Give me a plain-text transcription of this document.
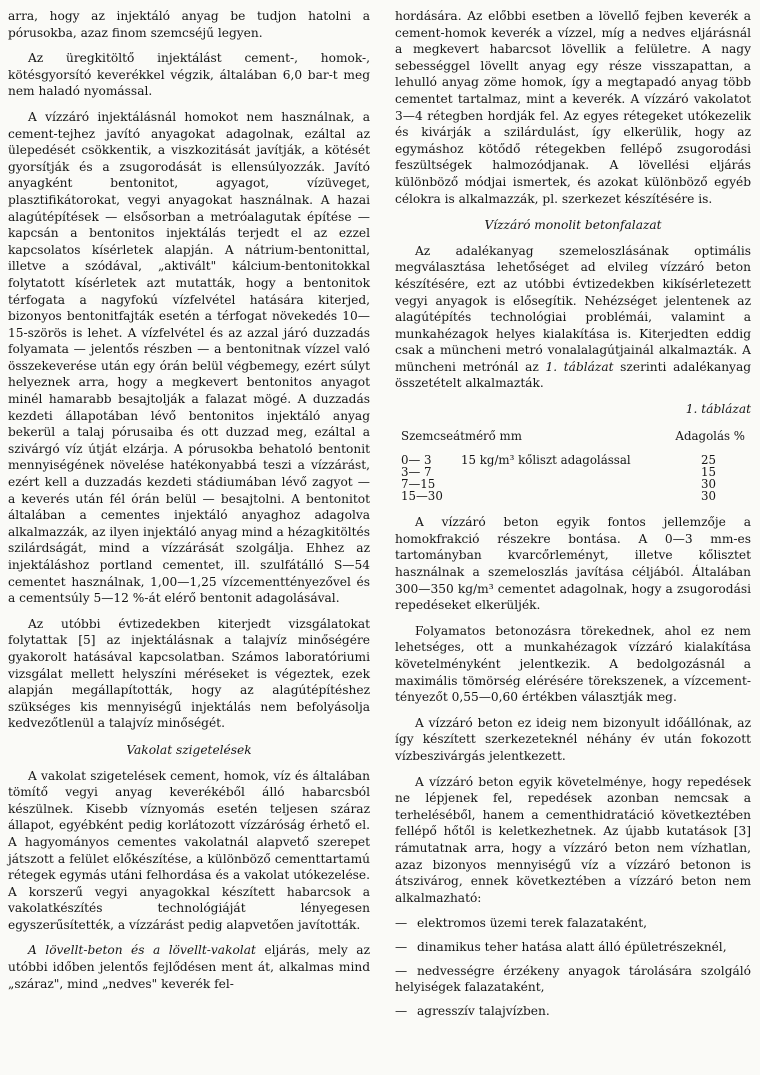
arra, hogy az injektáló anyag be tudjon hatolni a pórusokba, azaz finom szemcséjű legyen.

Az üregkitöltő injektálást cement-, homok-, kötésgyorsító keverékkel végzik, általában 6,0 bar-t meg nem haladó nyomással.

A vízzáró injektálásnál homokot nem használnak, a cement-tejhez javító anyagokat adagolnak, ezáltal az ülepedését csökkentik, a viszkozitását javítják, a kötését gyorsítják és a zsugorodását is ellensúlyozzák. Javító anyagként bentonitot, agyagot, vízüveget, plasztifikátorokat, vegyi anyagokat használnak. A hazai alagútépítések — elsősorban a metróalagutak építése — kapcsán a bentonitos injektálás terjedt el az ezzel kapcsolatos kísérletek alapján. A nátrium-bentonittal, illetve a szódával, „aktivált" kálcium-bentonitokkal folytatott kísérletek azt mutatták, hogy a bentonitok térfogata a nagyfokú vízfelvétel hatására kiterjed, bizonyos bentonitfajták esetén a térfogat növekedés 10—15-szörös is lehet. A vízfelvétel és az azzal járó duzzadás folyamata — jelentős részben — a bentonitnak vízzel való összekeverése után egy órán belül végbemegy, ezért súlyt helyeznek arra, hogy a megkevert bentonitos anyagot minél hamarabb besajtolják a falazat mögé. A duzzadás kezdeti állapotában lévő bentonitos injektáló anyag bekerül a talaj pórusaiba és ott duzzad meg, ezáltal a szivárgó víz útját elzárja. A pórusokba behatoló bentonit mennyiségének növelése hatékonyabbá teszi a vízzárást, ezért kell a duzzadás kezdeti stádiumában lévő zagyot — a keverés után fél órán belül — besajtolni. A bentonitot általában a cementes injektáló anyaghoz adagolva alkalmazzák, az ilyen injektáló anyag mind a hézagkitöltés szilárdságát, mind a vízzárását szolgálja. Ehhez az injektáláshoz portland cementet, ill. szulfátálló S—54 cementet használnak, 1,00—1,25 vízcementtényezővel és a cementsúly 5—12 %-át elérő bentonit adagolásával.

Az utóbbi évtizedekben kiterjedt vizsgálatokat folytattak [5] az injektálásnak a talajvíz minőségére gyakorolt hatásával kapcsolatban. Számos laboratóriumi vizsgálat mellett helyszíni méréseket is végeztek, ezek alapján megállapították, hogy az alagútépítéshez szükséges kis mennyiségű injektálás nem befolyásolja kedvezőtlenül a talajvíz minőségét.

Vakolat szigetelések

A vakolat szigetelések cement, homok, víz és általában tömítő vegyi anyag keverékéből álló habarcsból készülnek. Kisebb víznyomás esetén teljesen száraz állapot, egyébként pedig korlátozott vízzáróság érhető el. A hagyományos cementes vakolatnál alapvető szerepet játszott a felület előkészítése, a különböző cementtartamú rétegek egymás utáni felhordása és a vakolat utókezelése. A korszerű vegyi anyagokkal készített habarcsok a vakolatkészítés technológiáját lényegesen egyszerűsítették, a vízzárást pedig alapvetően javították.

A lövellt-beton és a lövellt-vakolat eljárás, mely az utóbbi időben jelentős fejlődésen ment át, alkalmas mind „száraz", mind „nedves" keverék fel-

hordására. Az előbbi esetben a lövellő fejben keverék a cement-homok keverék a vízzel, míg a nedves eljárásnál a megkevert habarcsot lövellik a felületre. A nagy sebességgel lövellt anyag egy része visszapattan, a lehulló anyag zöme homok, így a megtapadó anyag több cementet tartalmaz, mint a keverék. A vízzáró vakolatot 3—4 rétegben hordják fel. Az egyes rétegeket utókezelik és kivárják a szilárdulást, így elkerülik, hogy az egymáshoz kötődő rétegekben fellépő zsugorodási feszültségek halmozódjanak. A lövellési eljárás különböző módjai ismertek, és azokat különböző egyéb célokra is alkalmazzák, pl. szerkezet készítésére is.

Vízzáró monolit betonfalazat

Az adalékanyag szemeloszlásának optimális megválasztása lehetőséget ad elvileg vízzáró beton készítésére, ezt az utóbbi évtizedekben kikísérletezett vegyi anyagok is elősegítik. Nehézséget jelentenek az alagútépítés technológiai problémái, valamint a munkahézagok helyes kialakítása is. Kiterjedten eddig csak a müncheni metró vonalalagútjainál alkalmazták. A müncheni metrónál az 1. táblázat szerinti adalékanyag összetételt alkalmazták.

1. táblázat
Szemcseátmérő mm		Adagolás %
0— 3	15 kg/m³ kőliszt adagolással	25
3— 7		15
7—15		30
15—30		30

A vízzáró beton egyik fontos jellemzője a homokfrakció részekre bontása. A 0—3 mm-es tartományban kvarcőrleményt, illetve kőlisztet használnak a szemeloszlás javítása céljából. Általában 300—350 kg/m³ cementet adagolnak, hogy a zsugorodási repedéseket elkerüljék.

Folyamatos betonozásra törekednek, ahol ez nem lehetséges, ott a munkahézagok vízzáró kialakítása követelményként jelentkezik. A bedolgozásnál a maximális tömörség elérésére törekszenek, a vízcement-tényezőt 0,55—0,60 értékben választják meg.

A vízzáró beton ez ideig nem bizonyult időállónak, az így készített szerkezeteknél néhány év után fokozott vízbeszivárgás jelentkezett.

A vízzáró beton egyik követelménye, hogy repedések ne lépjenek fel, repedések azonban nemcsak a terheléséből, hanem a cementhidratáció következtében fellépő hőtől is keletkezhetnek. Az újabb kutatások [3] rámutatnak arra, hogy a vízzáró beton nem vízhatlan, azaz bizonyos mennyiségű víz a vízzáró betonon is átszivárog, ennek következtében a vízzáró beton nem alkalmazható:

— elektromos üzemi terek falazataként,
— dinamikus teher hatása alatt álló épületrészeknél,
— nedvességre érzékeny anyagok tárolására szolgáló helyiségek falazataként,
— agresszív talajvízben.
